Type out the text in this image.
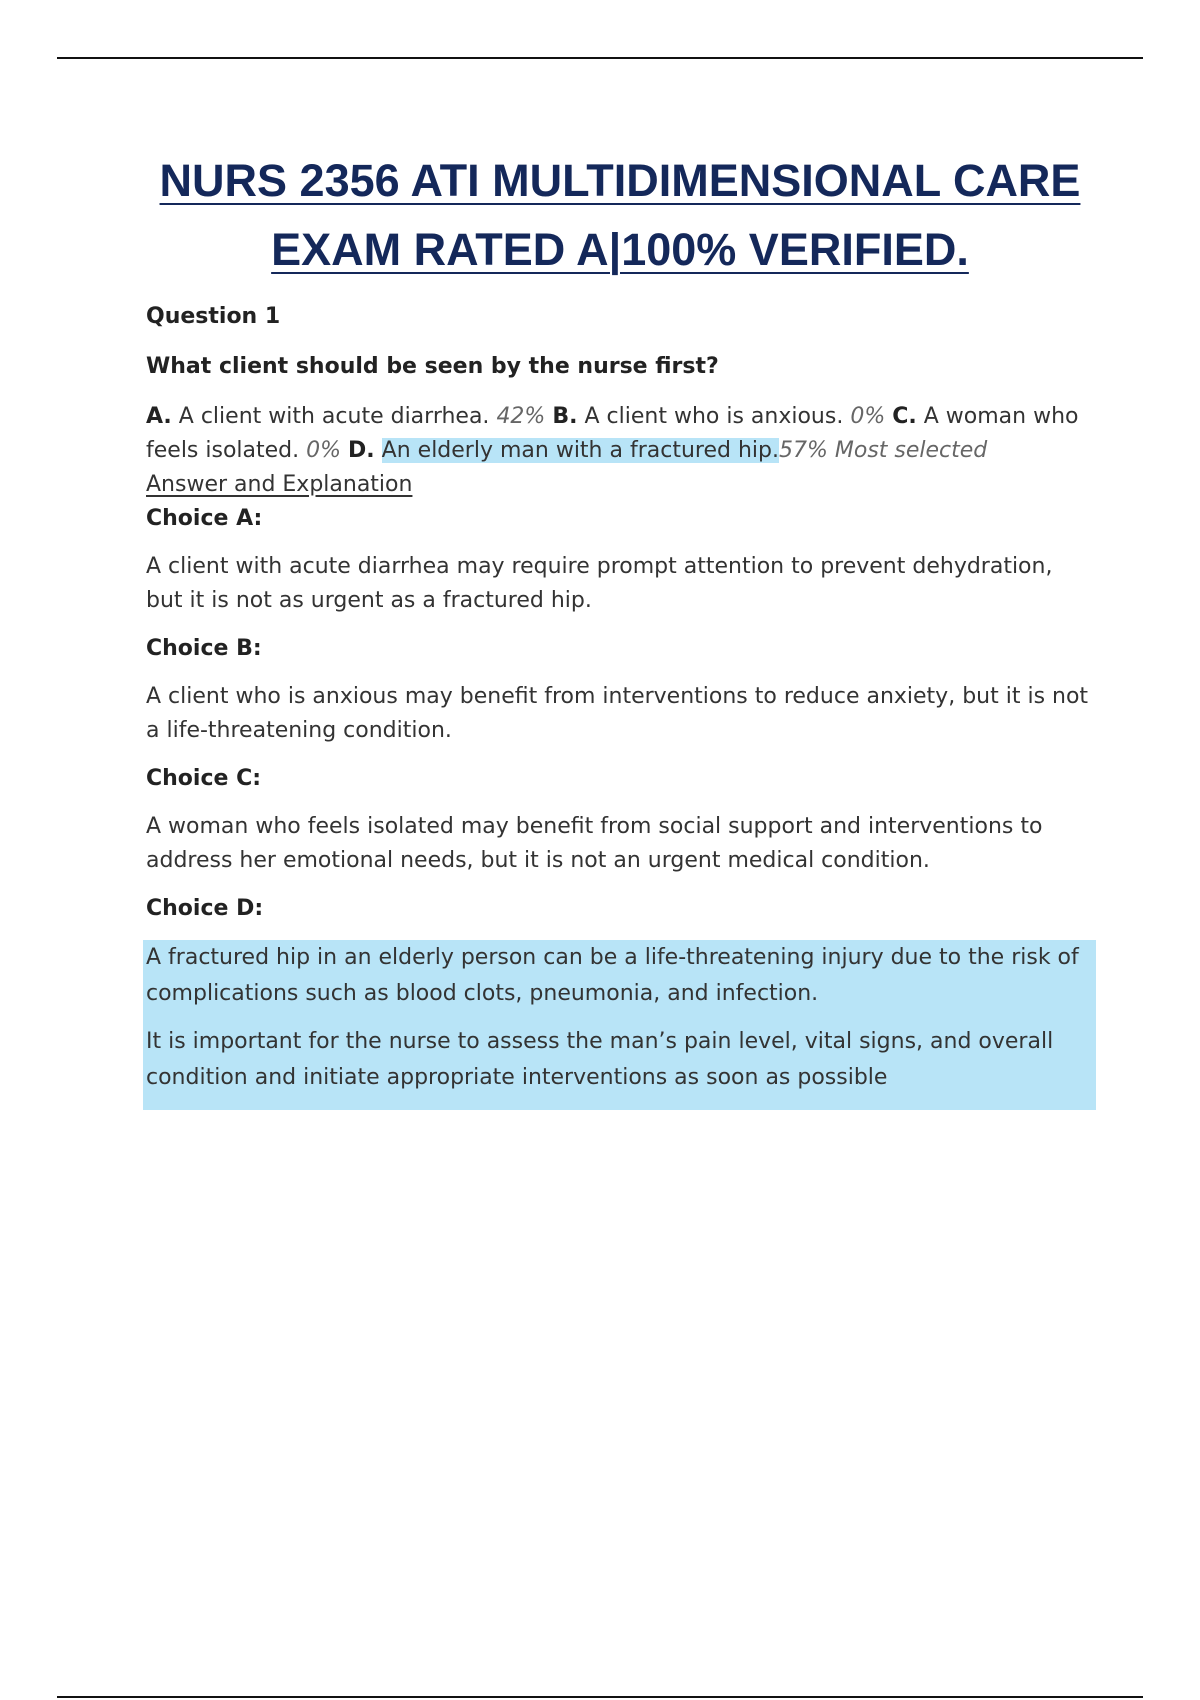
NURS 2356 ATI MULTIDIMENSIONAL CARE
EXAM RATED A|100% VERIFIED.

Question 1

What client should be seen by the nurse first?

A. A client with acute diarrhea. 42% B. A client who is anxious. 0% C. A woman who feels isolated. 0% D. An elderly man with a fractured hip.57% Most selected
Answer and Explanation

Choice A:

A client with acute diarrhea may require prompt attention to prevent dehydration, but it is not as urgent as a fractured hip.

Choice B:

A client who is anxious may benefit from interventions to reduce anxiety, but it is not a life-threatening condition.

Choice C:

A woman who feels isolated may benefit from social support and interventions to address her emotional needs, but it is not an urgent medical condition.

Choice D:

A fractured hip in an elderly person can be a life-threatening injury due to the risk of complications such as blood clots, pneumonia, and infection.

It is important for the nurse to assess the man’s pain level, vital signs, and overall condition and initiate appropriate interventions as soon as possible
